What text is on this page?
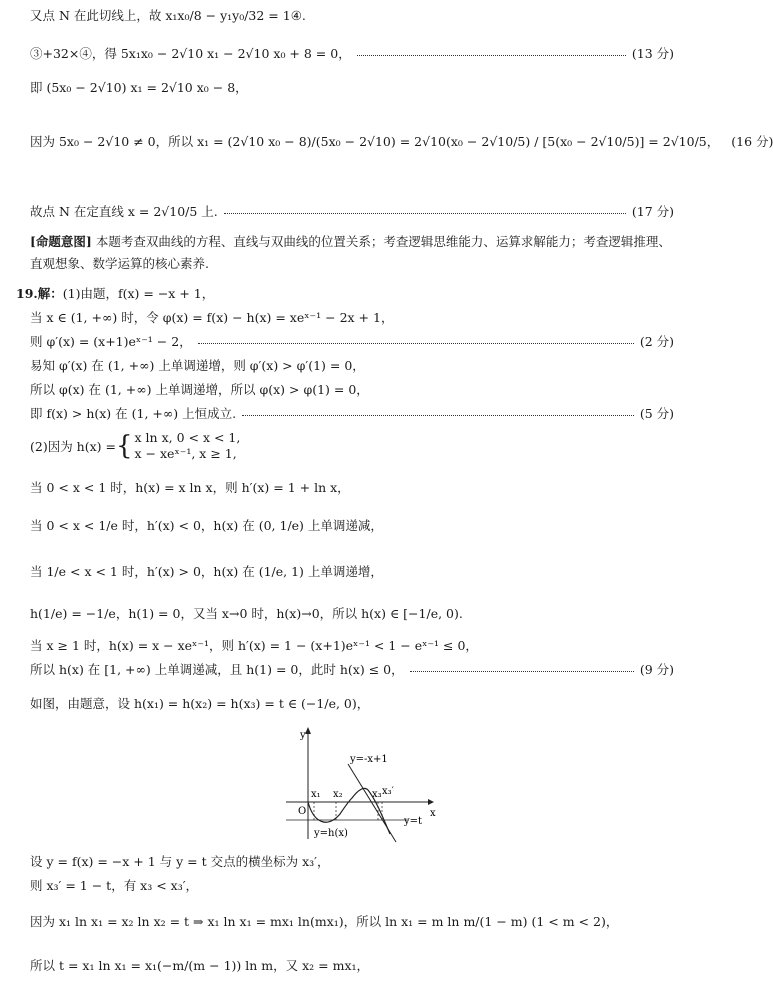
又点 N 在此切线上，故 x₁x₀/8 − y₁y₀/32 = 1④.
③+32×④，得 5x₁x₀ − 2√10 x₁ − 2√10 x₀ + 8 = 0，	(13 分)
即 (5x₀ − 2√10) x₁ = 2√10 x₀ − 8，
因为 5x₀ − 2√10 ≠ 0，所以 x₁ = (2√10 x₀ − 8)/(5x₀ − 2√10) = 2√10(x₀ − 2√10/5) / [5(x₀ − 2√10/5)] = 2√10/5， (16 分)
故点 N 在定直线 x = 2√10/5 上.	(17 分)
[命题意图] 本题考查双曲线的方程、直线与双曲线的位置关系；考查逻辑思维能力、运算求解能力；考查逻辑推理、直观想象、数学运算的核心素养.
19. 解： (1)由题，f(x) = −x + 1，
当 x ∈ (1, +∞) 时，令 φ(x) = f(x) − h(x) = xeˣ⁻¹ − 2x + 1，
则 φ′(x) = (x+1)eˣ⁻¹ − 2，	(2 分)
易知 φ′(x) 在 (1, +∞) 上单调递增，则 φ′(x) > φ′(1) = 0，
所以 φ(x) 在 (1, +∞) 上单调递增，所以 φ(x) > φ(1) = 0，
即 f(x) > h(x) 在 (1, +∞) 上恒成立.	(5 分)
(2)因为 h(x) = { x ln x, 0 < x < 1,
x − xeˣ⁻¹, x ≥ 1,
当 0 < x < 1 时，h(x) = x ln x，则 h′(x) = 1 + ln x，
当 0 < x < 1/e 时，h′(x) < 0，h(x) 在 (0, 1/e) 上单调递减，
当 1/e < x < 1 时，h′(x) > 0，h(x) 在 (1/e, 1) 上单调递增，
h(1/e) = −1/e，h(1) = 0，又当 x→0 时，h(x)→0，所以 h(x) ∈ [−1/e, 0).
当 x ≥ 1 时，h(x) = x − xeˣ⁻¹，则 h′(x) = 1 − (x+1)eˣ⁻¹ < 1 − eˣ⁻¹ ≤ 0，
所以 h(x) 在 [1, +∞) 上单调递减，且 h(1) = 0，此时 h(x) ≤ 0，	(9 分)
如图，由题意，设 h(x₁) = h(x₂) = h(x₃) = t ∈ (−1/e, 0)，
y
x
O
y=-x+1
y=h(x)
y=t
x₁ x₂	x₃ x₃′
设 y = f(x) = −x + 1 与 y = t 交点的横坐标为 x₃′，
则 x₃′ = 1 − t，有 x₃ < x₃′，
因为 x₁ ln x₁ = x₂ ln x₂ = t ⇒ x₁ ln x₁ = mx₁ ln(mx₁)，所以 ln x₁ = m ln m/(1 − m) (1 < m < 2)，
所以 t = x₁ ln x₁ = x₁(−m/(m − 1)) ln m，又 x₂ = mx₁，
